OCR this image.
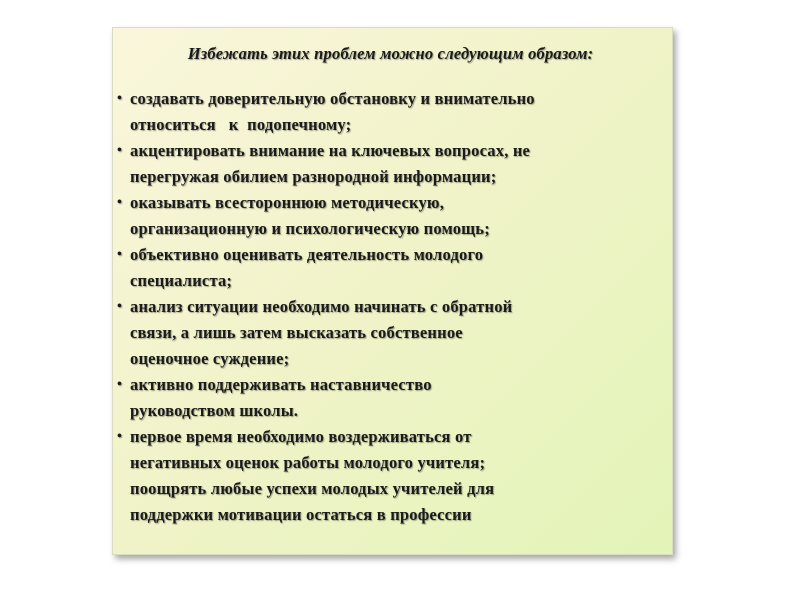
Избежать этих проблем можно следующим образом:
• создавать доверительную обстановку и внимательно
относиться   к  подопечному;
• акцентировать внимание на ключевых вопросах, не
перегружая обилием разнородной информации;
• оказывать всестороннюю методическую,
организационную и психологическую помощь;
• объективно оценивать деятельность молодого
специалиста;
• анализ ситуации необходимо начинать с обратной
связи, а лишь затем высказать собственное
оценочное суждение;
• активно поддерживать наставничество
руководством школы.
• первое время необходимо воздерживаться от
негативных оценок работы молодого учителя;
поощрять любые успехи молодых учителей для
поддержки мотивации остаться в профессии
